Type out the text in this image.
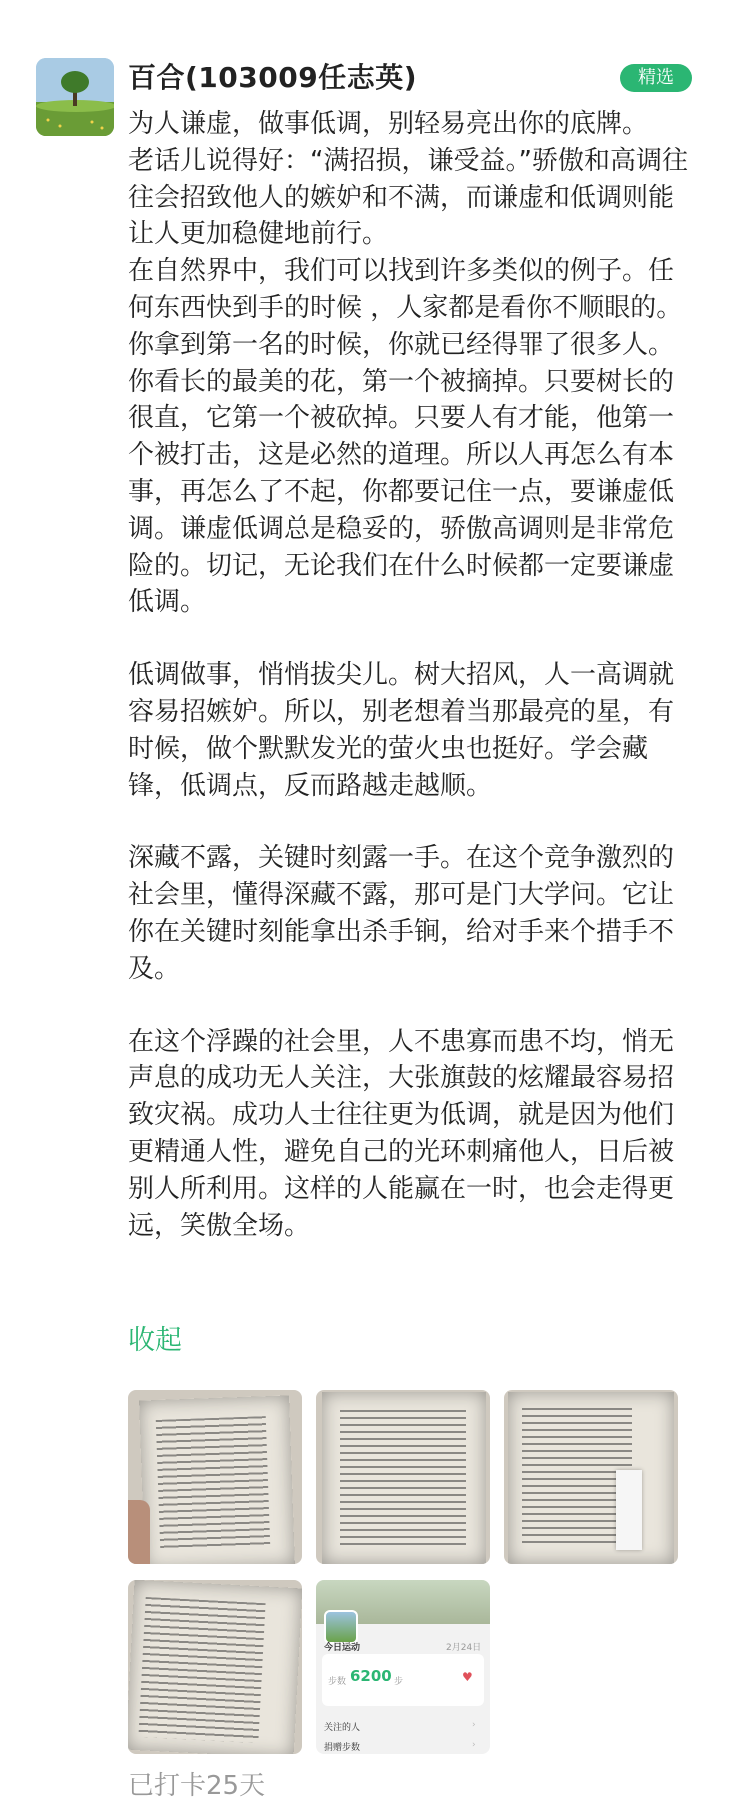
百合(103009任志英)	精选

为人谦虚，做事低调，别轻易亮出你的底牌。

老话儿说得好：“满招损，谦受益。”骄傲和高调往往会招致他人的嫉妒和不满，而谦虚和低调则能让人更加稳健地前行。

在自然界中，我们可以找到许多类似的例子。任何东西快到手的时候 ，人家都是看你不顺眼的。你拿到第一名的时候，你就已经得罪了很多人。你看长的最美的花，第一个被摘掉。只要树长的很直，它第一个被砍掉。只要人有才能，他第一个被打击，这是必然的道理。所以人再怎么有本事，再怎么了不起，你都要记住一点，要谦虚低调。谦虚低调总是稳妥的，骄傲高调则是非常危险的。切记，无论我们在什么时候都一定要谦虚低调。

低调做事，悄悄拔尖儿。树大招风，人一高调就容易招嫉妒。所以，别老想着当那最亮的星，有时候，做个默默发光的萤火虫也挺好。学会藏锋，低调点，反而路越走越顺。

深藏不露，关键时刻露一手。在这个竞争激烈的社会里，懂得深藏不露，那可是门大学问。它让你在关键时刻能拿出杀手锏，给对手来个措手不及。

在这个浮躁的社会里，人不患寡而患不均，悄无声息的成功无人关注，大张旗鼓的炫耀最容易招致灾祸。成功人士往往更为低调，就是因为他们更精通人性，避免自己的光环刺痛他人，日后被别人所利用。这样的人能赢在一时，也会走得更远，笑傲全场。

收起
今日运动	2月24日
步数 6200 步	♥
关注的人	›
捐赠步数	›
已打卡25天
